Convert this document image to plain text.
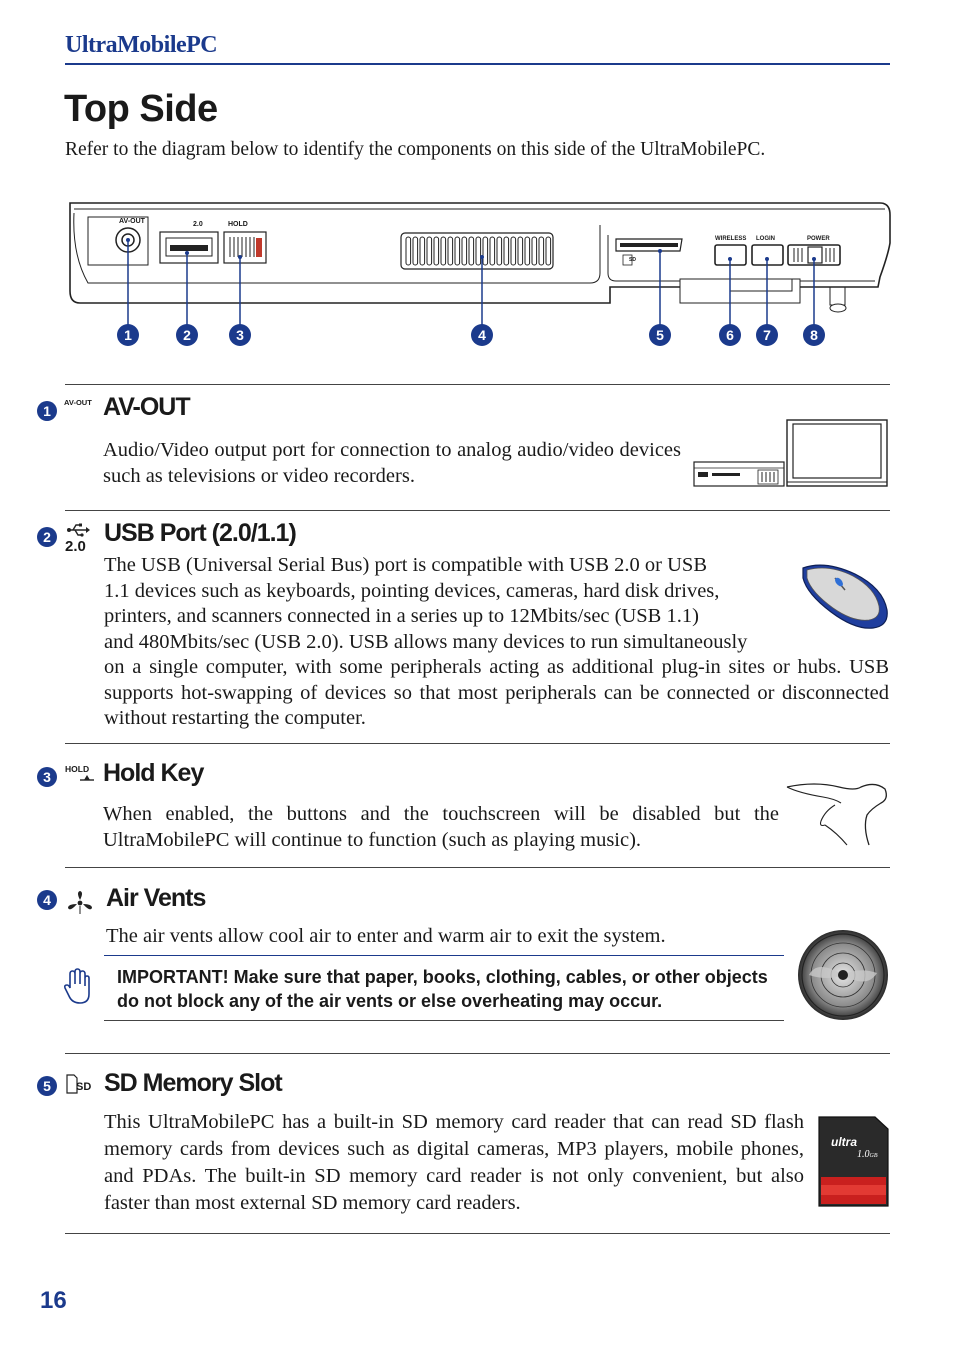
UltraMobilePC
Top Side
Refer to the diagram below to identify the components on this side of the UltraMobilePC.
AV-OUT	2.0	HOLD
SD
WIRELESS LOGIN	POWER
1	2	3	4	5	6	7	8
1
AV-OUT AV-OUT
Audio/Video output port for connection to analog audio/video devices such as televisions or video recorders.
2
2.0 USB Port (2.0/1.1)
The USB (Universal Serial Bus) port is compatible with USB 2.0 or USB
1.1 devices such as keyboards, pointing devices, cameras, hard disk drives,
printers, and scanners connected in a series up to 12Mbits/sec (USB 1.1)
and 480Mbits/sec (USB 2.0). USB allows many devices to run simultaneously
on a single computer, with some peripherals acting as additional plug-in sites or hubs. USB supports hot-swapping of devices so that most peripherals can be connected or disconnected without restarting the computer.
3	HOLD Hold Key
When enabled, the buttons and the touchscreen will be disabled but the UltraMobilePC will continue to function (such as playing music).
4 Air Vents
The air vents allow cool air to enter and warm air to exit the system.
IMPORTANT! Make sure that paper, books, clothing, cables, or other objects do not block any of the air vents or else overheating may occur.
5	SD SD Memory Slot
This UltraMobilePC has a built-in SD memory card reader that can read SD flash memory cards from devices such as digital cameras, MP3 players, mobile phones, and PDAs. The built-in SD memory card reader is not only convenient, but also faster than most external SD memory card readers.
ultra
1.0GB
16
